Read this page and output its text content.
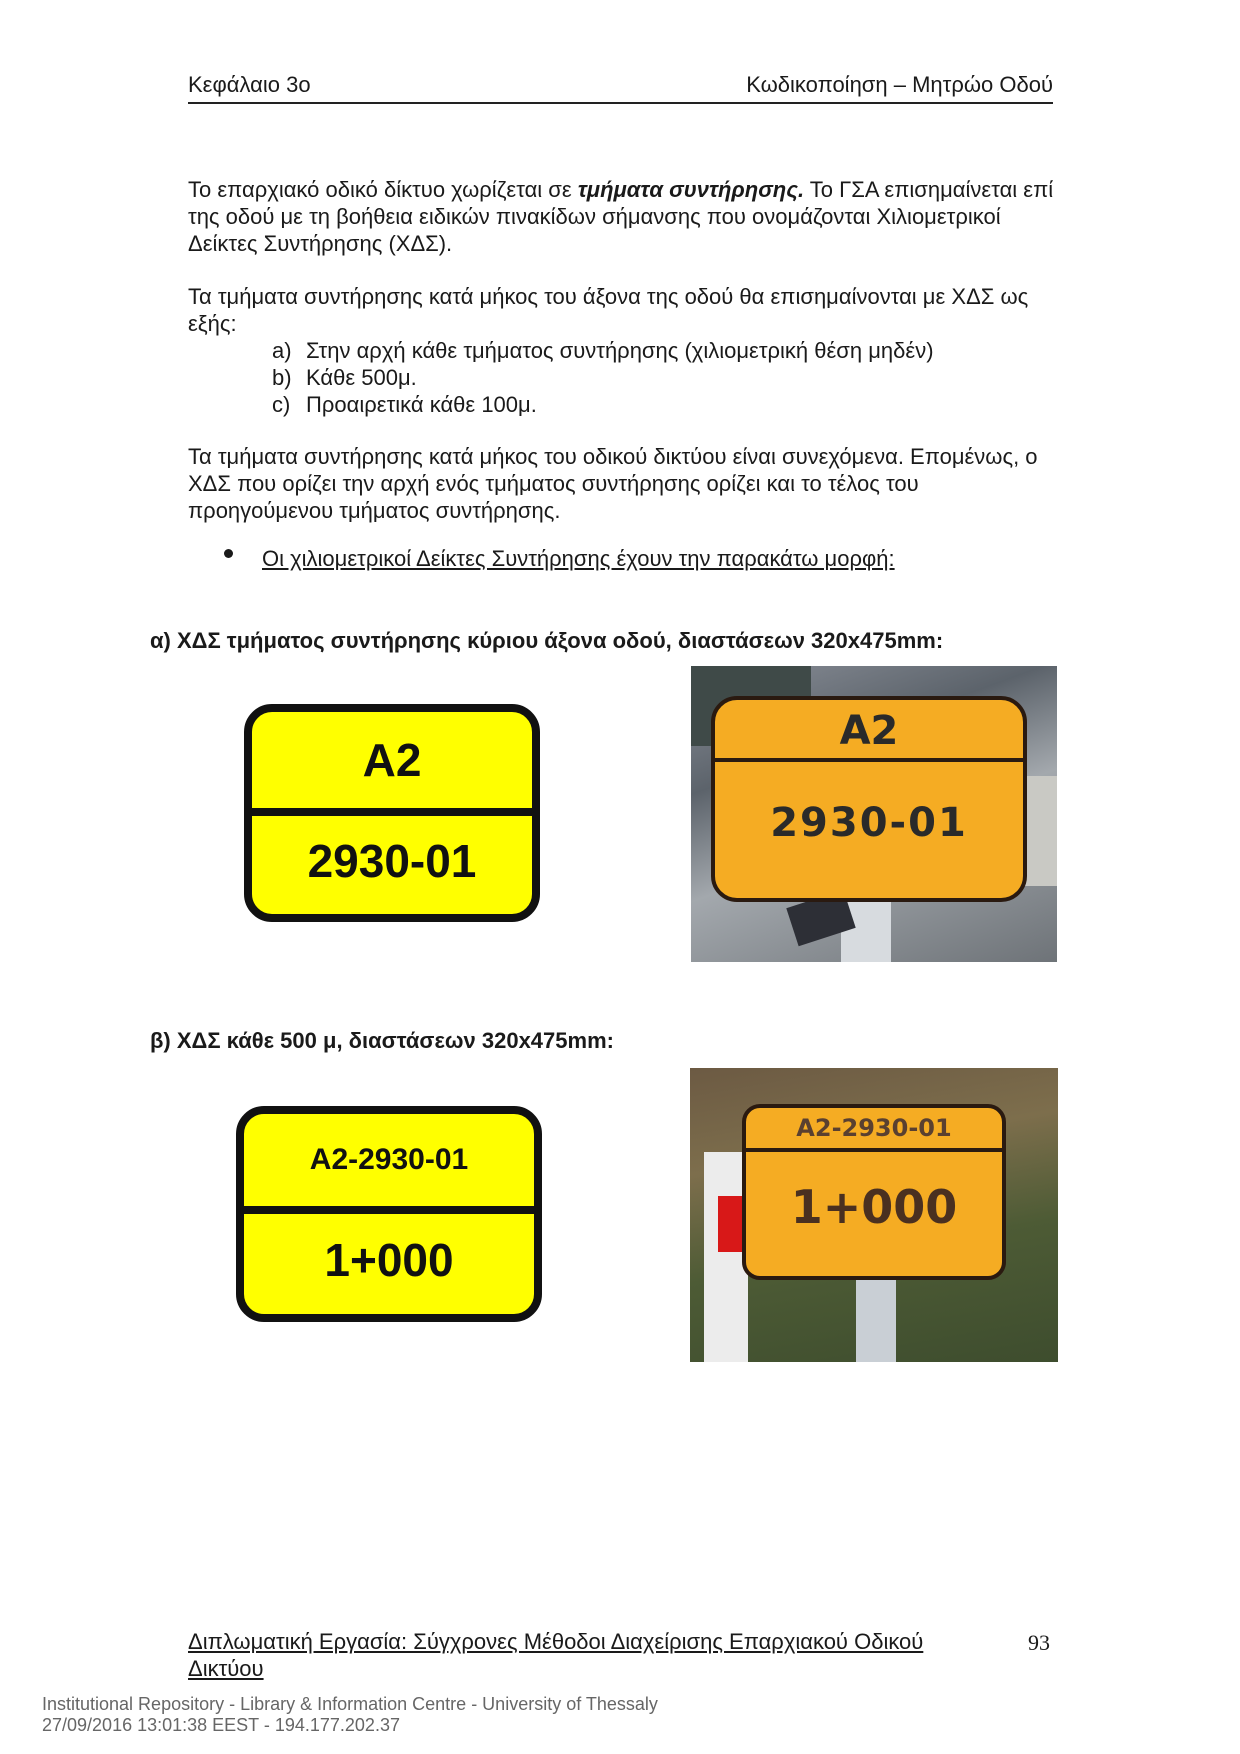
Κεφάλαιο 3ο	Κωδικοποίηση – Μητρώο Οδού
Το επαρχιακό οδικό δίκτυο χωρίζεται σε τμήματα συντήρησης. Το ΓΣΑ επισημαίνεται επί της οδού με τη βοήθεια ειδικών πινακίδων σήμανσης που ονομάζονται Χιλιομετρικοί Δείκτες Συντήρησης (ΧΔΣ).
Τα τμήματα συντήρησης κατά μήκος του άξονα της οδού θα επισημαίνονται με ΧΔΣ ως εξής:
a) Στην αρχή κάθε τμήματος συντήρησης (χιλιομετρική θέση μηδέν)
b) Κάθε 500μ.
c) Προαιρετικά κάθε 100μ.
Τα τμήματα συντήρησης κατά μήκος του οδικού δικτύου είναι συνεχόμενα. Επομένως, ο ΧΔΣ που ορίζει την αρχή ενός τμήματος συντήρησης ορίζει και το τέλος του προηγούμενου τμήματος συντήρησης.
Οι χιλιομετρικοί Δείκτες Συντήρησης έχουν την παρακάτω μορφή:
α) ΧΔΣ τμήματος συντήρησης κύριου άξονα οδού, διαστάσεων 320x475mm:
A2
2930-01
A2
2930-01
β) ΧΔΣ κάθε 500 μ, διαστάσεων 320x475mm:
A2-2930-01
1+000
A2-2930-01
1+000
Διπλωματική Εργασία: Σύγχρονες Μέθοδοι Διαχείρισης Επαρχιακού Οδικού Δικτύου
93
Institutional Repository - Library & Information Centre - University of Thessaly
27/09/2016 13:01:38 EEST - 194.177.202.37
